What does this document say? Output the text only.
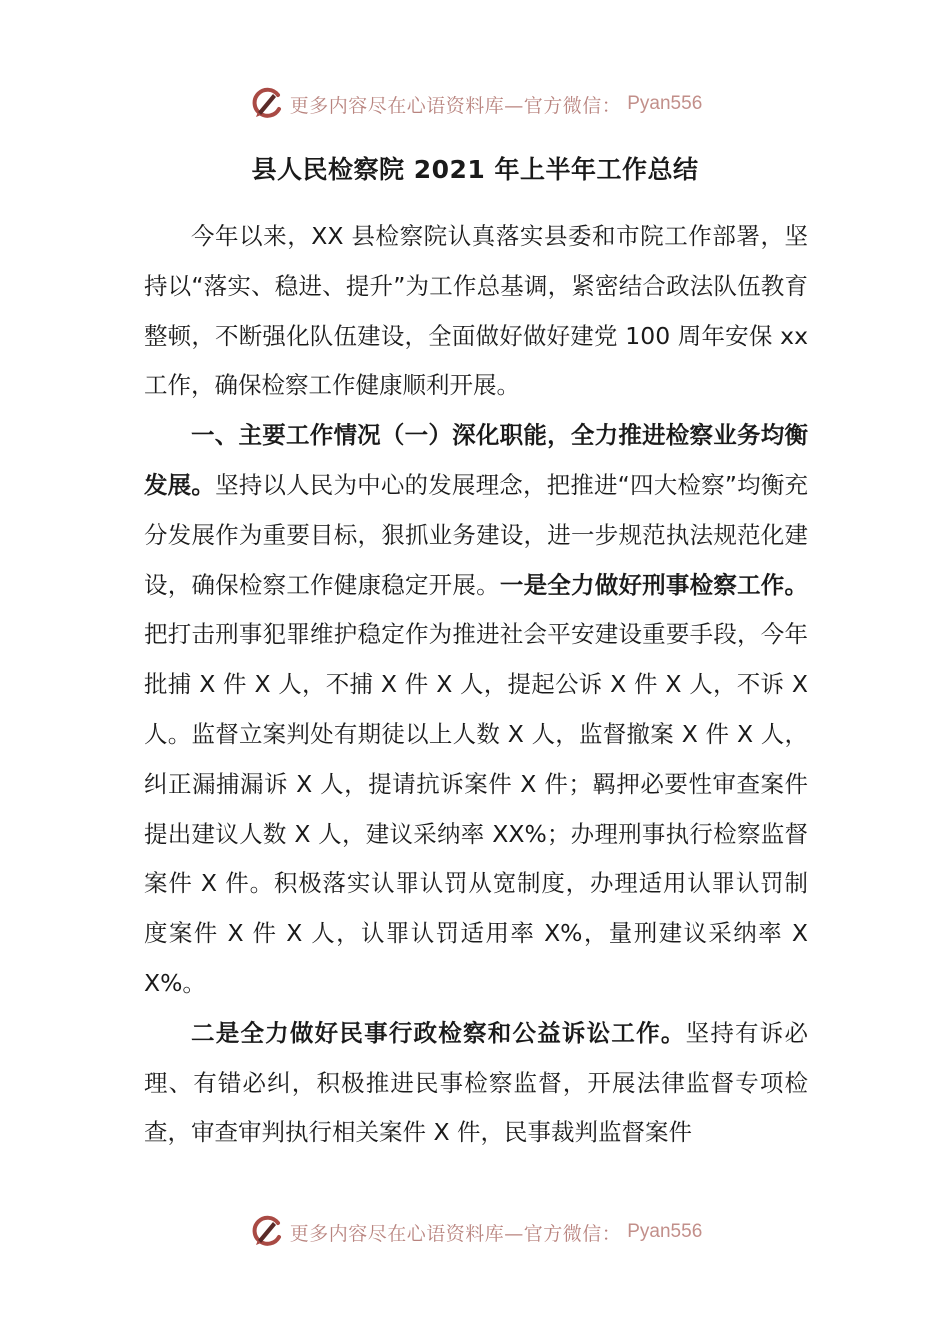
更多内容尽在心语资料库—官方微信： Pyan556
县人民检察院 2021 年上半年工作总结

今年以来，XX 县检察院认真落实县委和市院工作部署，坚持以“落实、稳进、提升”为工作总基调，紧密结合政法队伍教育整顿，不断强化队伍建设，全面做好做好建党 100 周年安保 xx 工作，确保检察工作健康顺利开展。

一、主要工作情况（一）深化职能，全力推进检察业务均衡发展。坚持以人民为中心的发展理念，把推进“四大检察”均衡充分发展作为重要目标，狠抓业务建设，进一步规范执法规范化建设，确保检察工作健康稳定开展。一是全力做好刑事检察工作。把打击刑事犯罪维护稳定作为推进社会平安建设重要手段，今年批捕 X 件 X 人，不捕 X 件 X 人，提起公诉 X 件 X 人，不诉 X 人。监督立案判处有期徒以上人数 X 人，监督撤案 X 件 X 人，纠正漏捕漏诉 X 人，提请抗诉案件 X 件；羁押必要性审查案件提出建议人数 X 人，建议采纳率 XX%；办理刑事执行检察监督案件 X 件。积极落实认罪认罚从宽制度，办理适用认罪认罚制度案件 X 件 X 人，认罪认罚适用率 X%，量刑建议采纳率 XX%。

二是全力做好民事行政检察和公益诉讼工作。坚持有诉必理、有错必纠，积极推进民事检察监督，开展法律监督专项检查，审查审判执行相关案件 X 件，民事裁判监督案件

更多内容尽在心语资料库—官方微信： Pyan556
